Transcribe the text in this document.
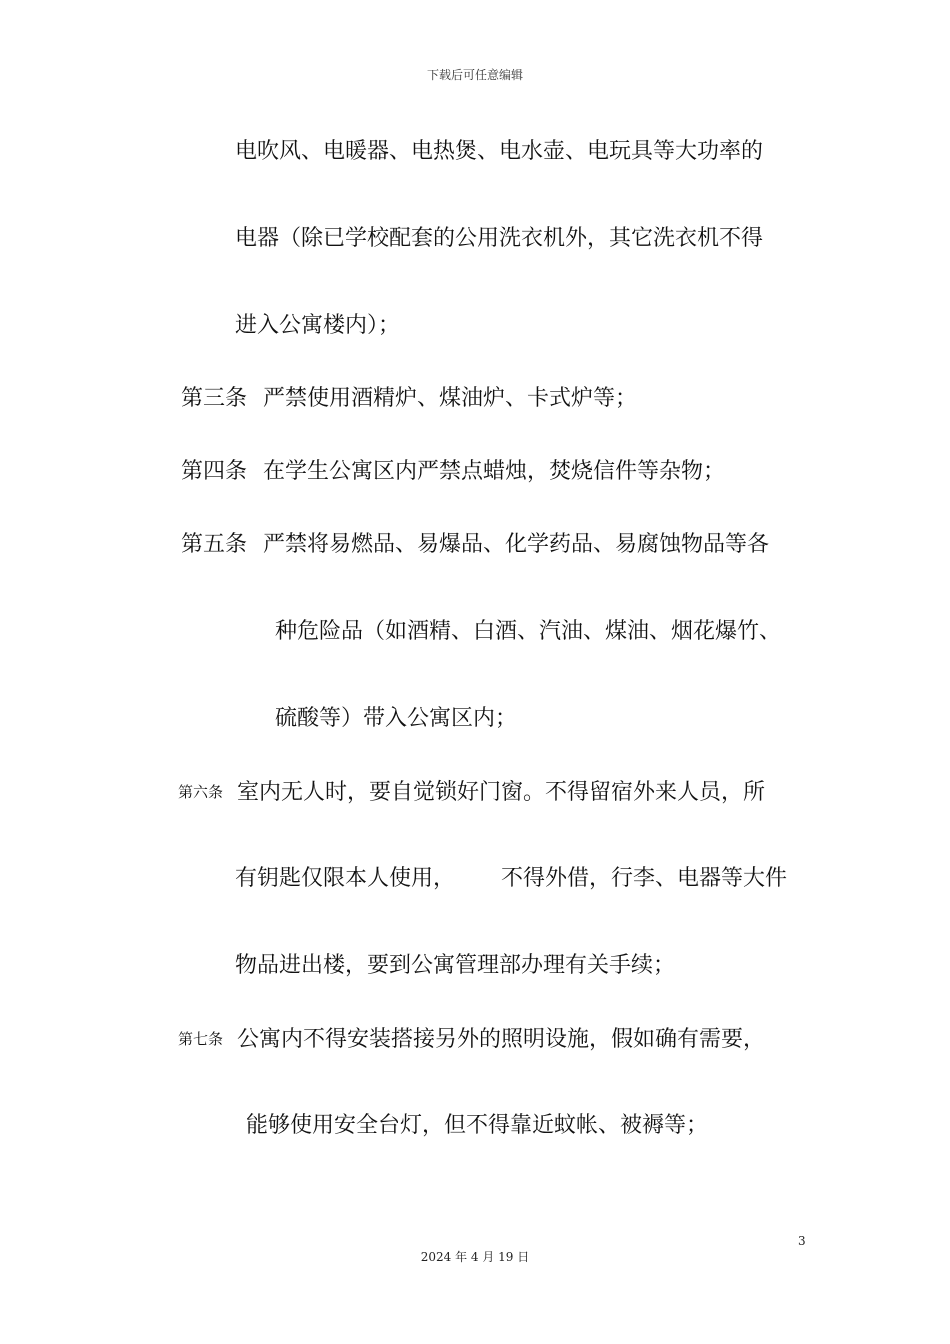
下载后可任意编辑
电吹风、电暖器、电热煲、电水壶、电玩具等大功率的
电器（除已学校配套的公用洗衣机外，其它洗衣机不得
进入公寓楼内）；
第三条 严禁使用酒精炉、煤油炉、卡式炉等；
第四条 在学生公寓区内严禁点蜡烛，焚烧信件等杂物；
第五条 严禁将易燃品、易爆品、化学药品、易腐蚀物品等各
种危险品（如酒精、白酒、汽油、煤油、烟花爆竹、
硫酸等）带入公寓区内；
第六条 室内无人时，要自觉锁好门窗。不得留宿外来人员，所
有钥匙仅限本人使用， 不得外借，行李、电器等大件
物品进出楼，要到公寓管理部办理有关手续；
第七条 公寓内不得安装搭接另外的照明设施，假如确有需要，
能够使用安全台灯，但不得靠近蚊帐、被褥等；
3
2024 年 4 月 19 日
